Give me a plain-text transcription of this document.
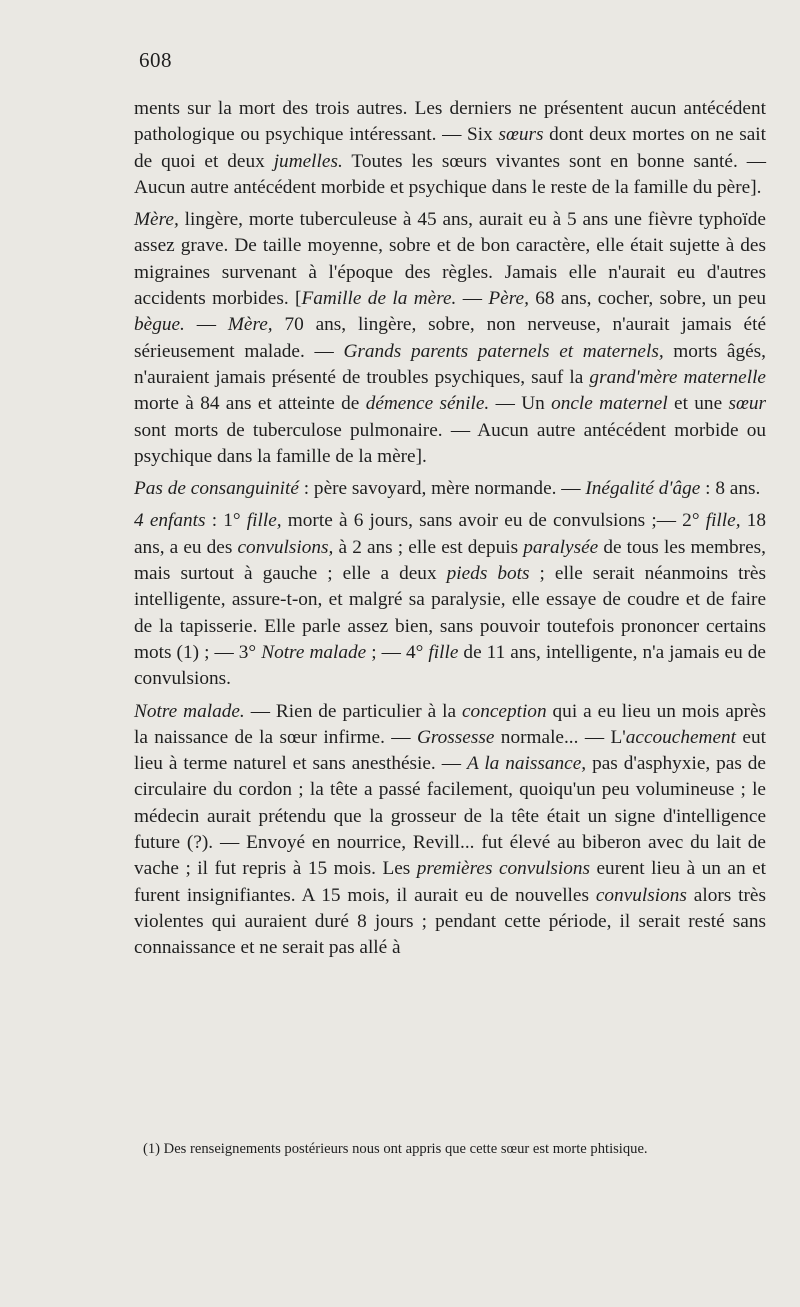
608

ments sur la mort des trois autres. Les derniers ne présentent aucun antécédent pathologique ou psychique intéressant. — Six sœurs dont deux mortes on ne sait de quoi et deux jumelles. Toutes les sœurs vivantes sont en bonne santé. — Aucun autre antécédent morbide et psychique dans le reste de la famille du père].

Mère, lingère, morte tuberculeuse à 45 ans, aurait eu à 5 ans une fièvre typhoïde assez grave. De taille moyenne, sobre et de bon caractère, elle était sujette à des migraines survenant à l'époque des règles. Jamais elle n'aurait eu d'autres accidents morbides. [Famille de la mère. — Père, 68 ans, cocher, sobre, un peu bègue. — Mère, 70 ans, lingère, sobre, non nerveuse, n'aurait jamais été sérieusement malade. — Grands parents paternels et maternels, morts âgés, n'auraient jamais présenté de troubles psychiques, sauf la grand'mère maternelle morte à 84 ans et atteinte de démence sénile. — Un oncle maternel et une sœur sont morts de tuberculose pulmonaire. — Aucun autre antécédent morbide ou psychique dans la famille de la mère].

Pas de consanguinité : père savoyard, mère normande. — Inégalité d'âge : 8 ans.

4 enfants : 1° fille, morte à 6 jours, sans avoir eu de convulsions ;— 2° fille, 18 ans, a eu des convulsions, à 2 ans ; elle est depuis paralysée de tous les membres, mais surtout à gauche ; elle a deux pieds bots ; elle serait néanmoins très intelligente, assure-t-on, et malgré sa paralysie, elle essaye de coudre et de faire de la tapisserie. Elle parle assez bien, sans pouvoir toutefois prononcer certains mots (1) ; — 3° Notre malade ; — 4° fille de 11 ans, intelligente, n'a jamais eu de convulsions.

Notre malade. — Rien de particulier à la conception qui a eu lieu un mois après la naissance de la sœur infirme. — Grossesse normale... — L'accouchement eut lieu à terme naturel et sans anesthésie. — A la naissance, pas d'asphyxie, pas de circulaire du cordon ; la tête a passé facilement, quoiqu'un peu volumineuse ; le médecin aurait prétendu que la grosseur de la tête était un signe d'intelligence future (?). — Envoyé en nourrice, Revill... fut élevé au biberon avec du lait de vache ; il fut repris à 15 mois. Les premières convulsions eurent lieu à un an et furent insignifiantes. A 15 mois, il aurait eu de nouvelles convulsions alors très violentes qui auraient duré 8 jours ; pendant cette période, il serait resté sans connaissance et ne serait pas allé à

(1) Des renseignements postérieurs nous ont appris que cette sœur est morte phtisique.
